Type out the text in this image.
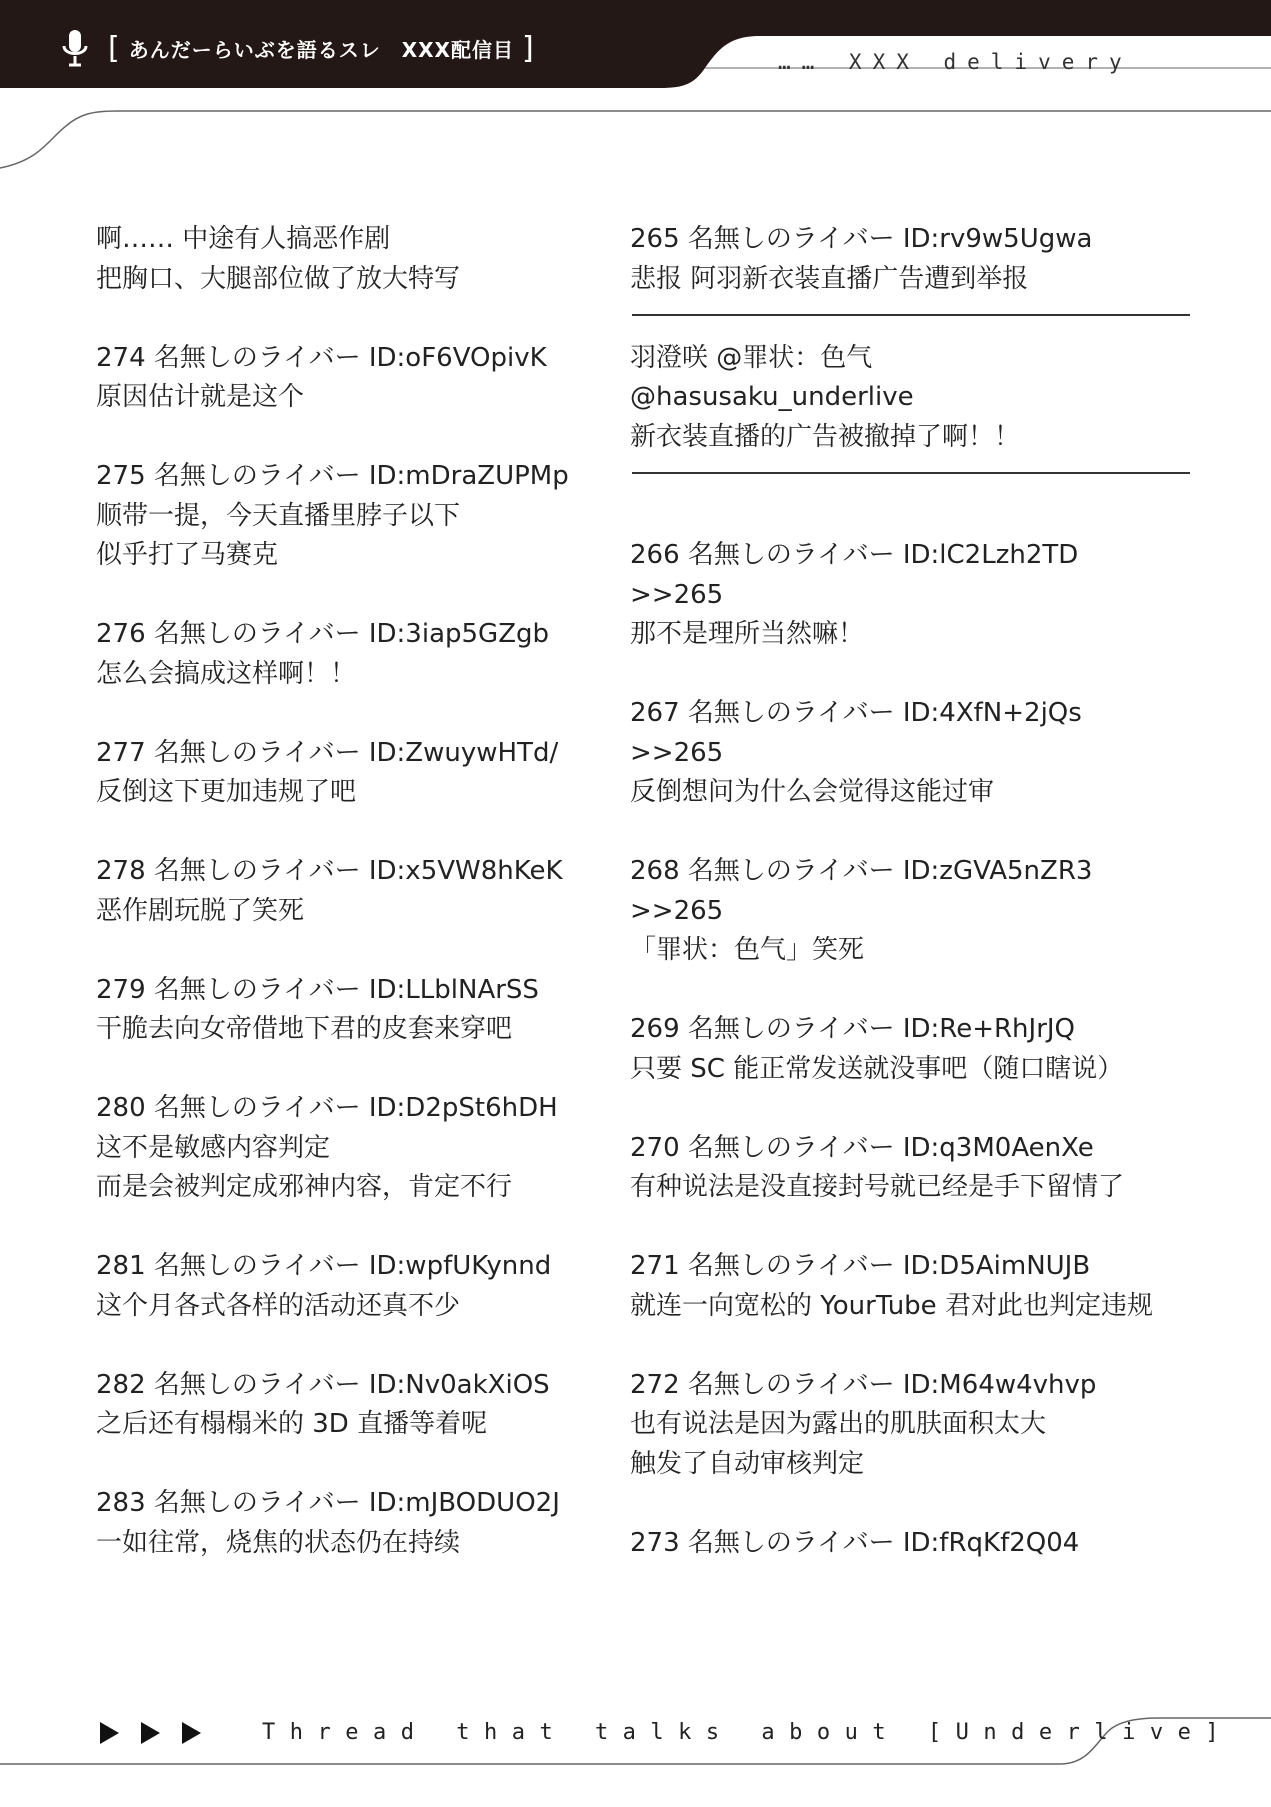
[ あんだーらいぶを語るスレ　XXX配信目 ]	…… XXX delivery
啊…… 中途有人搞恶作剧
把胸口、大腿部位做了放大特写
274 名無しのライバー ID:oF6VOpivK
原因估计就是这个
275 名無しのライバー ID:mDraZUPMp
顺带一提，今天直播里脖子以下
似乎打了马赛克
276 名無しのライバー ID:3iap5GZgb
怎么会搞成这样啊！！
277 名無しのライバー ID:ZwuywHTd/
反倒这下更加违规了吧
278 名無しのライバー ID:x5VW8hKeK
恶作剧玩脱了笑死
279 名無しのライバー ID:LLblNArSS
干脆去向女帝借地下君的皮套来穿吧
280 名無しのライバー ID:D2pSt6hDH
这不是敏感内容判定
而是会被判定成邪神内容，肯定不行
281 名無しのライバー ID:wpfUKynnd
这个月各式各样的活动还真不少
282 名無しのライバー ID:Nv0akXiOS
之后还有榻榻米的 3D 直播等着呢
283 名無しのライバー ID:mJBODUO2J
一如往常，烧焦的状态仍在持续
265 名無しのライバー ID:rv9w5Ugwa
悲报 阿羽新衣装直播广告遭到举报
羽澄咲 @罪状：色气
@hasusaku_underlive
新衣装直播的广告被撤掉了啊！！
266 名無しのライバー ID:lC2Lzh2TD
>>265
那不是理所当然嘛！
267 名無しのライバー ID:4XfN+2jQs
>>265
反倒想问为什么会觉得这能过审
268 名無しのライバー ID:zGVA5nZR3
>>265
「罪状：色气」笑死
269 名無しのライバー ID:Re+RhJrJQ
只要 SC 能正常发送就没事吧（随口瞎说）
270 名無しのライバー ID:q3M0AenXe
有种说法是没直接封号就已经是手下留情了
271 名無しのライバー ID:D5AimNUJB
就连一向宽松的 YourTube 君对此也判定违规
272 名無しのライバー ID:M64w4vhvp
也有说法是因为露出的肌肤面积太大
触发了自动审核判定
273 名無しのライバー ID:fRqKf2Q04
Thread that talks about [Underlive]
